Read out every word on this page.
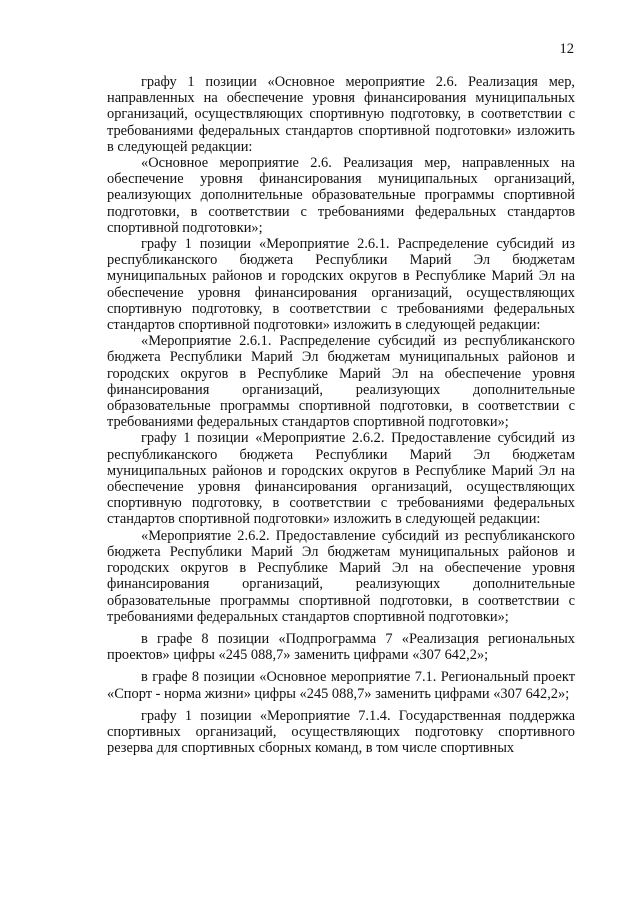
12

графу 1 позиции «Основное мероприятие 2.6. Реализация мер, направленных на обеспечение уровня финансирования муниципальных организаций, осуществляющих спортивную подготовку, в соответствии с требованиями федеральных стандартов спортивной подготовки» изложить в следующей редакции:

«Основное мероприятие 2.6. Реализация мер, направленных на обеспечение уровня финансирования муниципальных организаций, реализующих дополнительные образовательные программы спортивной подготовки, в соответствии с требованиями федеральных стандартов спортивной подготовки»;

графу 1 позиции «Мероприятие 2.6.1. Распределение субсидий из республиканского бюджета Республики Марий Эл бюджетам муниципальных районов и городских округов в Республике Марий Эл на обеспечение уровня финансирования организаций, осуществляющих спортивную подготовку, в соответствии с требованиями федеральных стандартов спортивной подготовки» изложить в следующей редакции:

«Мероприятие 2.6.1. Распределение субсидий из республиканского бюджета Республики Марий Эл бюджетам муниципальных районов и городских округов в Республике Марий Эл на обеспечение уровня финансирования организаций, реализующих дополнительные образовательные программы спортивной подготовки, в соответствии с требованиями федеральных стандартов спортивной подготовки»;

графу 1 позиции «Мероприятие 2.6.2. Предоставление субсидий из республиканского бюджета Республики Марий Эл бюджетам муниципальных районов и городских округов в Республике Марий Эл на обеспечение уровня финансирования организаций, осуществляющих спортивную подготовку, в соответствии с требованиями федеральных стандартов спортивной подготовки» изложить в следующей редакции:

«Мероприятие 2.6.2. Предоставление субсидий из республиканского бюджета Республики Марий Эл бюджетам муниципальных районов и городских округов в Республике Марий Эл на обеспечение уровня финансирования организаций, реализующих дополнительные образовательные программы спортивной подготовки, в соответствии с требованиями федеральных стандартов спортивной подготовки»;

в графе 8 позиции «Подпрограмма 7 «Реализация региональных проектов» цифры «245 088,7» заменить цифрами «307 642,2»;

в графе 8 позиции «Основное мероприятие 7.1. Региональный проект «Спорт - норма жизни» цифры «245 088,7» заменить цифрами «307 642,2»;

графу 1 позиции «Мероприятие 7.1.4. Государственная поддержка спортивных организаций, осуществляющих подготовку спортивного резерва для спортивных сборных команд, в том числе спортивных
